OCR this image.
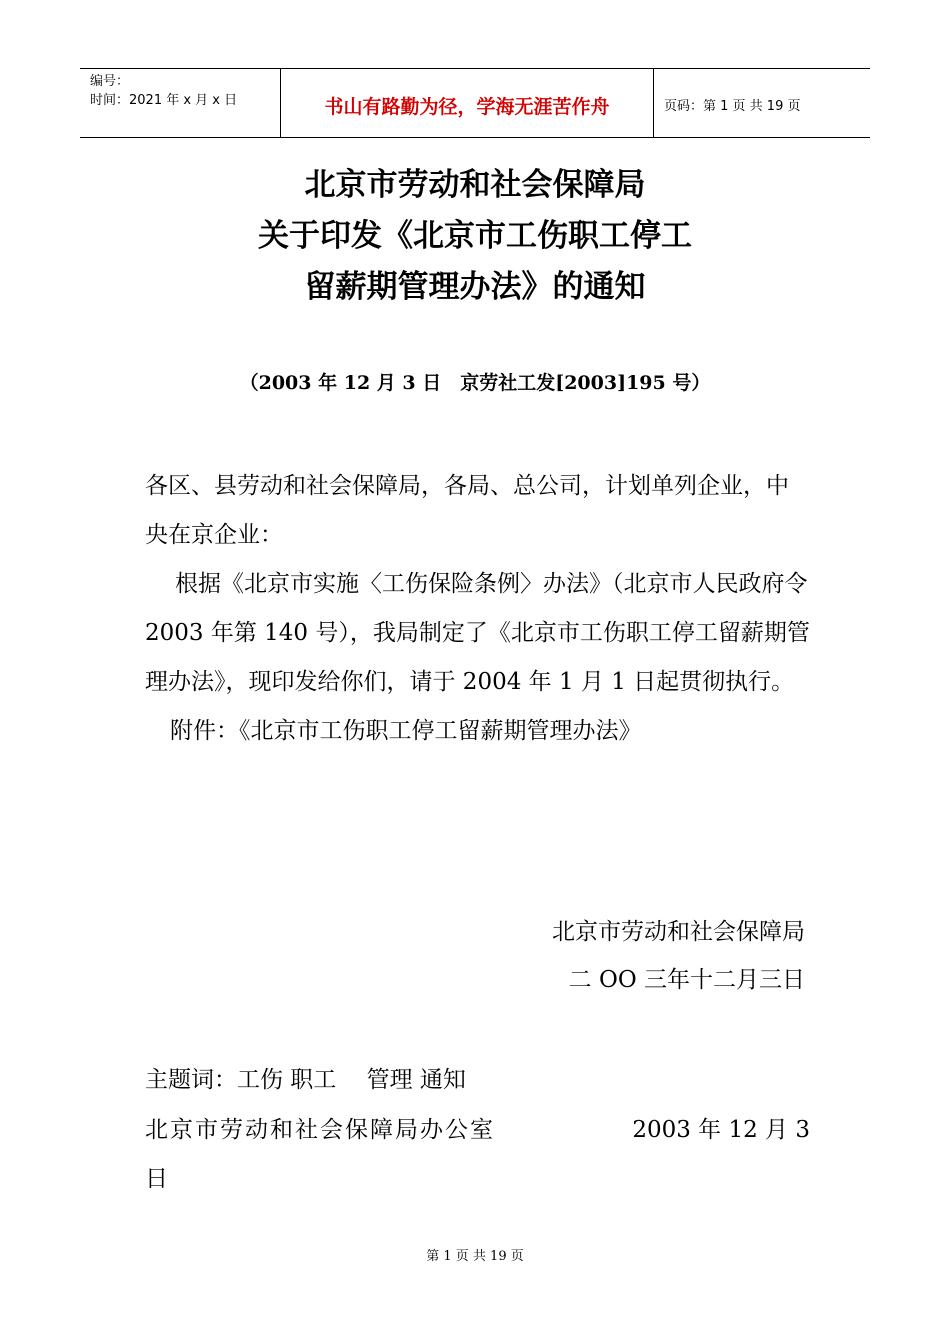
编号：
时间：2021 年 x 月 x 日	书山有路勤为径，学海无涯苦作舟	页码：第 1 页 共 19 页
北京市劳动和社会保障局
关于印发《北京市工伤职工停工
留薪期管理办法》的通知
（2003 年 12 月 3 日　京劳社工发[2003]195 号）

各区、县劳动和社会保障局，各局、总公司，计划单列企业，中央在京企业：

根据《北京市实施〈工伤保险条例〉办法》（北京市人民政府令 2003 年第 140 号），我局制定了《北京市工伤职工停工留薪期管理办法》，现印发给你们，请于 2004 年 1 月 1 日起贯彻执行。

附件：《北京市工伤职工停工留薪期管理办法》

北京市劳动和社会保障局
二 OO 三年十二月三日
主题词：工伤 职工　 管理 通知
北京市劳动和社会保障局办公室	2003 年 12 月 3
日
第 1 页 共 19 页
